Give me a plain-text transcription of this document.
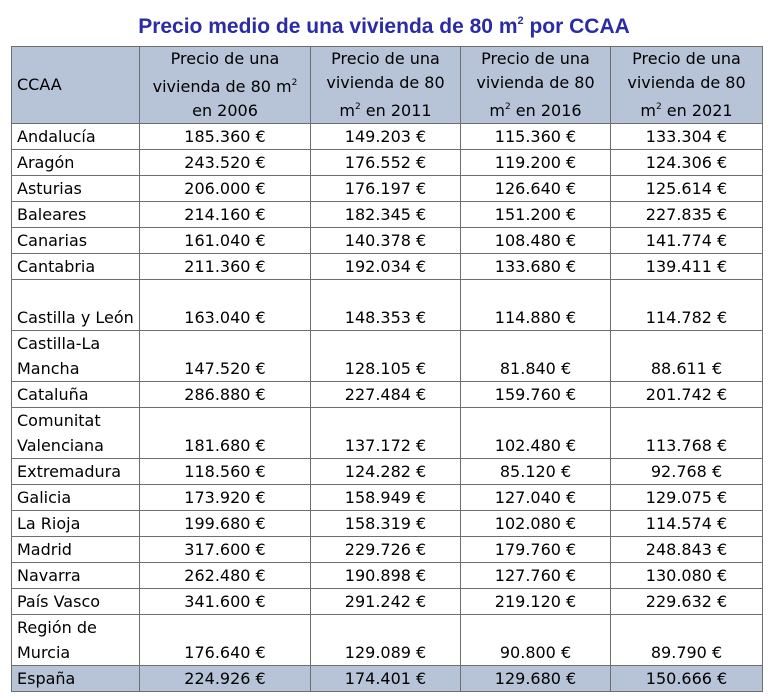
Precio medio de una vivienda de 80 $m^2$ por CCAA
CCAA	Precio de una vivienda de 80 $m^2$ en 2006	Precio de una vivienda de 80 $m^2$ en 2011	Precio de una vivienda de 80 $m^2$ en 2016	Precio de una vivienda de 80 $m^2$ en 2021
Andalucía	185.360 €	149.203 €	115.360 €	133.304 €
Aragón	243.520 €	176.552 €	119.200 €	124.306 €
Asturias	206.000 €	176.197 €	126.640 €	125.614 €
Baleares	214.160 €	182.345 €	151.200 €	227.835 €
Canarias	161.040 €	140.378 €	108.480 €	141.774 €
Cantabria	211.360 €	192.034 €	133.680 €	139.411 €
Castilla y León	163.040 €	148.353 €	114.880 €	114.782 €
Castilla-La Mancha	147.520 €	128.105 €	81.840 €	88.611 €
Cataluña	286.880 €	227.484 €	159.760 €	201.742 €
Comunitat Valenciana	181.680 €	137.172 €	102.480 €	113.768 €
Extremadura	118.560 €	124.282 €	85.120 €	92.768 €
Galicia	173.920 €	158.949 €	127.040 €	129.075 €
La Rioja	199.680 €	158.319 €	102.080 €	114.574 €
Madrid	317.600 €	229.726 €	179.760 €	248.843 €
Navarra	262.480 €	190.898 €	127.760 €	130.080 €
País Vasco	341.600 €	291.242 €	219.120 €	229.632 €
Región de Murcia	176.640 €	129.089 €	90.800 €	89.790 €
España	224.926 €	174.401 €	129.680 €	150.666 €
